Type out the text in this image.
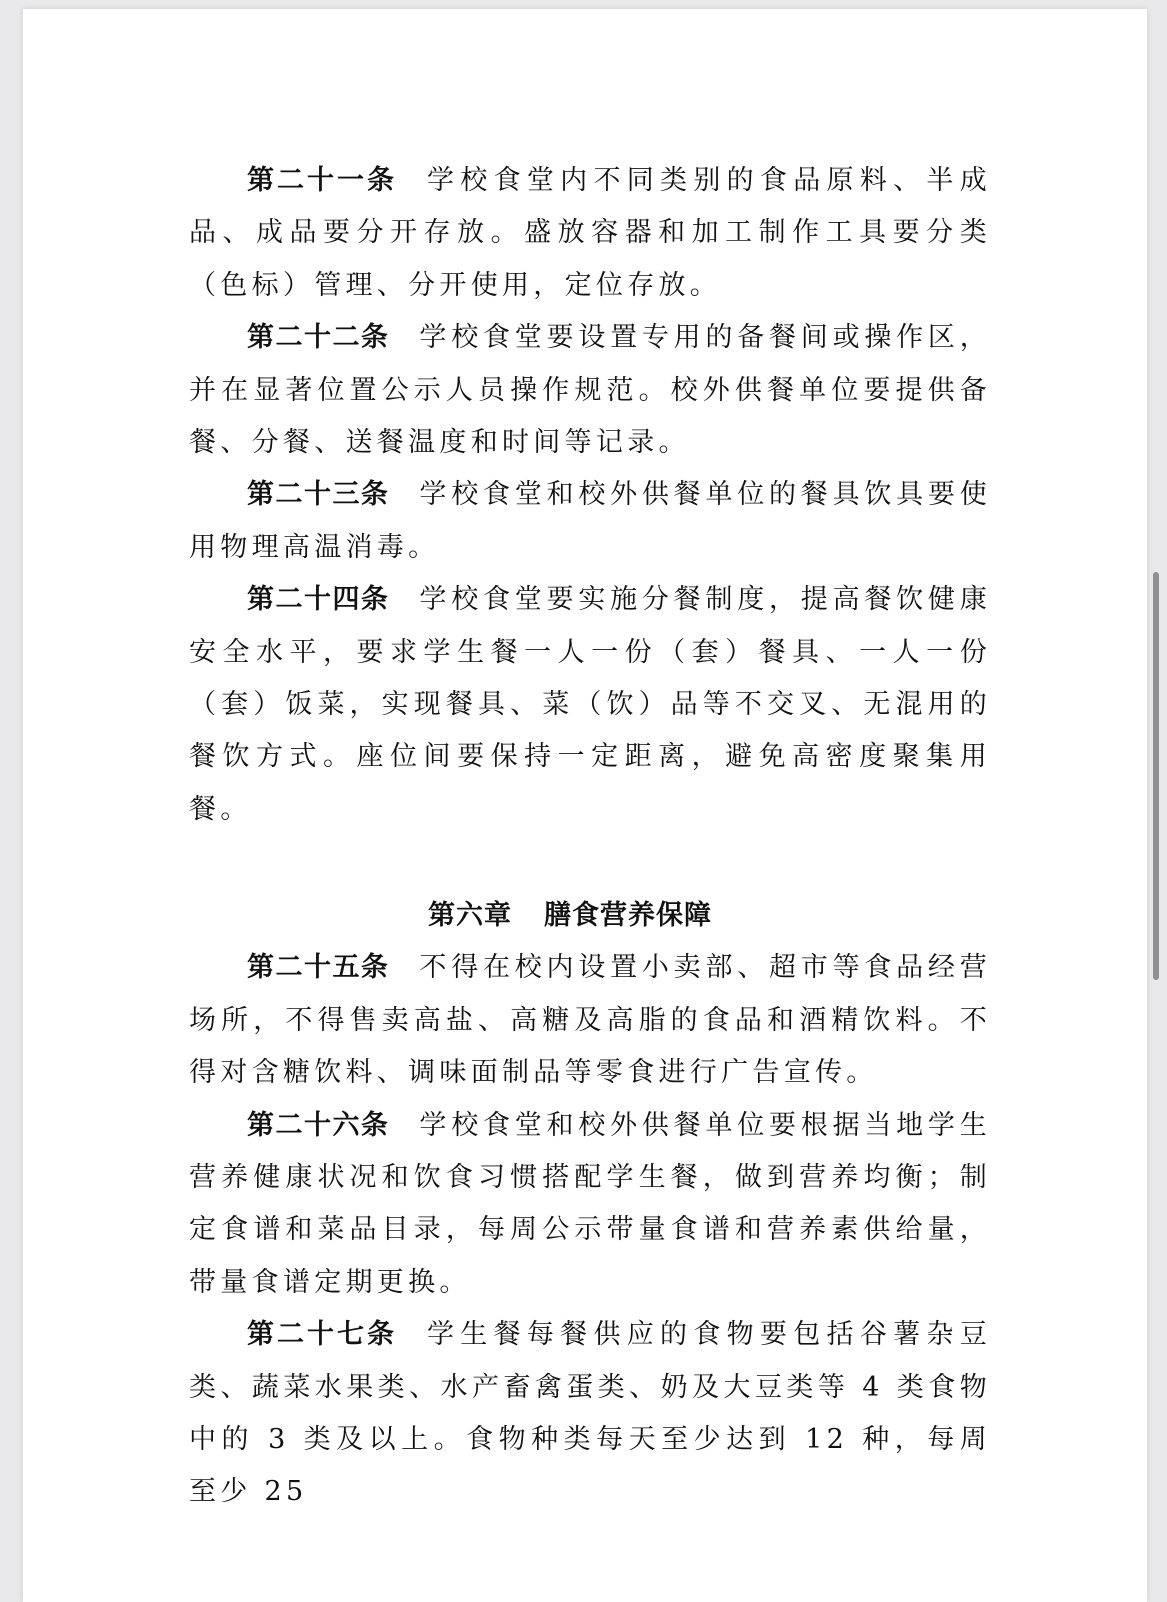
第二十一条 学校食堂内不同类别的食品原料、半成品、成品要分开存放。盛放容器和加工制作工具要分类（色标）管理、分开使用，定位存放。

第二十二条 学校食堂要设置专用的备餐间或操作区，并在显著位置公示人员操作规范。校外供餐单位要提供备餐、分餐、送餐温度和时间等记录。

第二十三条 学校食堂和校外供餐单位的餐具饮具要使用物理高温消毒。

第二十四条 学校食堂要实施分餐制度，提高餐饮健康安全水平，要求学生餐一人一份（套）餐具、一人一份（套）饭菜，实现餐具、菜（饮）品等不交叉、无混用的餐饮方式。座位间要保持一定距离，避免高密度聚集用餐。

第六章 膳食营养保障

第二十五条 不得在校内设置小卖部、超市等食品经营场所，不得售卖高盐、高糖及高脂的食品和酒精饮料。不得对含糖饮料、调味面制品等零食进行广告宣传。

第二十六条 学校食堂和校外供餐单位要根据当地学生营养健康状况和饮食习惯搭配学生餐，做到营养均衡；制定食谱和菜品目录，每周公示带量食谱和营养素供给量，带量食谱定期更换。

第二十七条 学生餐每餐供应的食物要包括谷薯杂豆类、蔬菜水果类、水产畜禽蛋类、奶及大豆类等 4 类食物中的 3 类及以上。食物种类每天至少达到 12 种，每周至少 25
